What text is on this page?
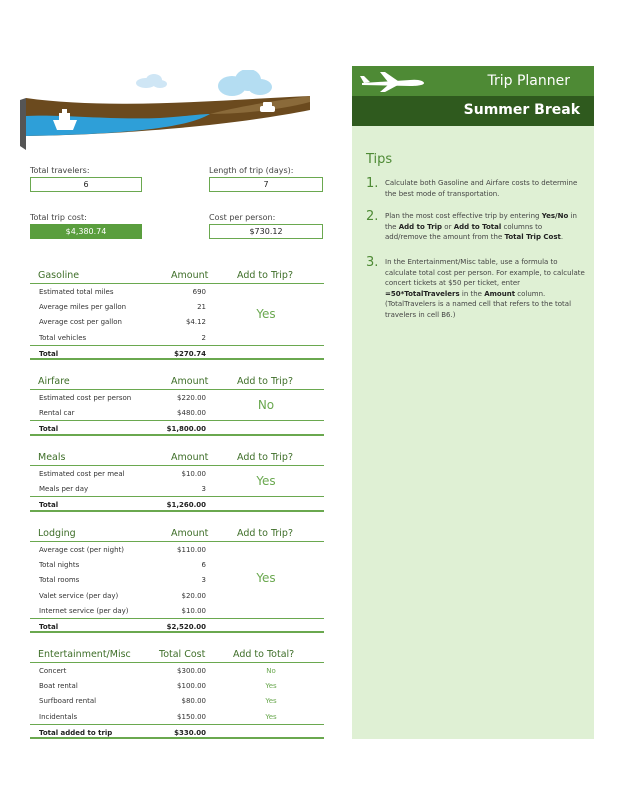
Total travelers:
6
Length of trip (days):
7
Total trip cost:
$4,380.74
Cost per person:
$730.12
Gasoline	Amount	Add to Trip?
Estimated total miles	690
Average miles per gallon	21
Average cost per gallon	$4.12
Total vehicles	2
Total	$270.74
Yes
Airfare	Amount	Add to Trip?
Estimated cost per person	$220.00
Rental car	$480.00
Total	$1,800.00
No
Meals	Amount	Add to Trip?
Estimated cost per meal	$10.00
Meals per day	3
Total	$1,260.00
Yes
Lodging	Amount	Add to Trip?
Average cost (per night)	$110.00
Total nights	6
Total rooms	3
Valet service (per day)	$20.00
Internet service (per day)	$10.00
Total	$2,520.00
Yes
Entertainment/Misc	Total Cost	Add to Total?
Concert	$300.00	No
Boat rental	$100.00	Yes
Surfboard rental	$80.00	Yes
Incidentals	$150.00	Yes
Total added to trip	$330.00
Trip Planner
Summer Break
Tips
1. Calculate both Gasoline and Airfare costs to determine the best mode of transportation.
2. Plan the most cost effective trip by entering Yes/No in the Add to Trip or Add to Total columns to add/remove the amount from the Total Trip Cost.
3. In the Entertainment/Misc table, use a formula to calculate total cost per person. For example, to calculate concert tickets at $50 per ticket, enter =50*TotalTravelers in the Amount column. (TotalTravelers is a named cell that refers to the total travelers in cell B6.)
